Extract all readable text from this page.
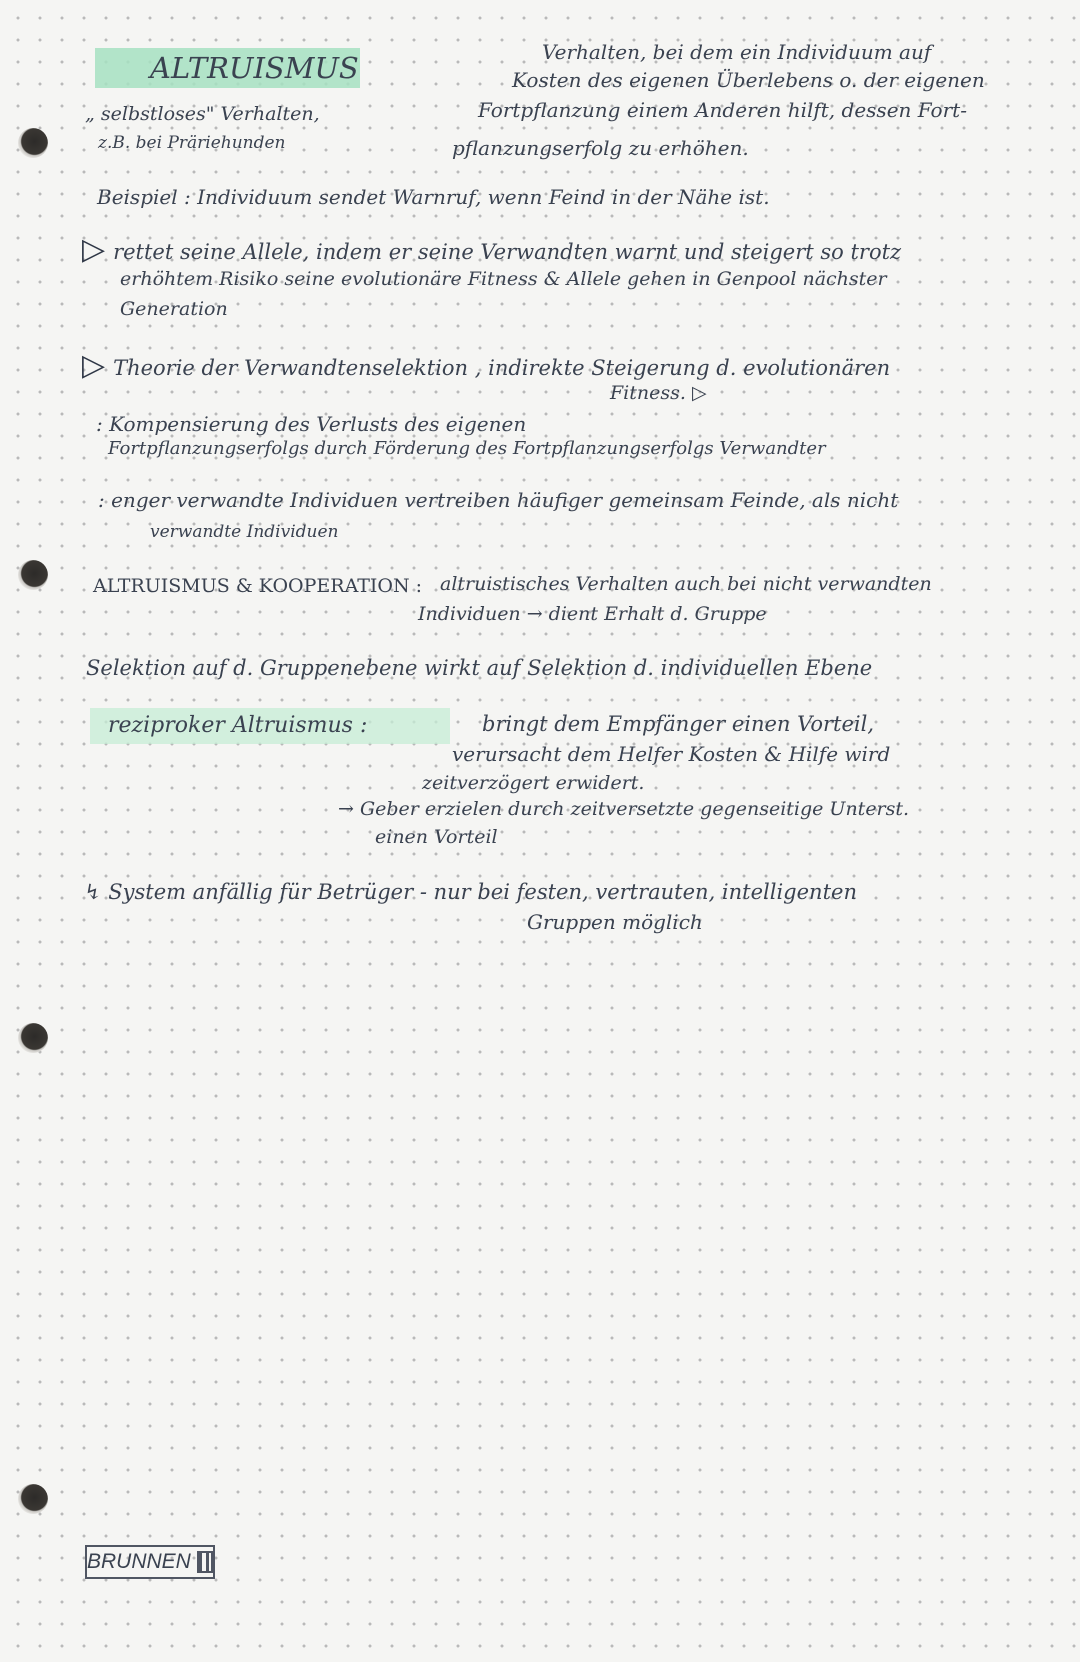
ALTRUISMUS
„ selbstloses" Verhalten,
z.B. bei Präriehunden
Verhalten, bei dem ein Individuum auf
Kosten des eigenen Überlebens o. der eigenen
Fortpflanzung einem Anderen hilft, dessen Fort-
pflanzungserfolg zu erhöhen.
Beispiel : Individuum sendet Warnruf, wenn Feind in der Nähe ist.
▷ rettet seine Allele, indem er seine Verwandten warnt und steigert so trotz
erhöhtem Risiko seine evolutionäre Fitness & Allele gehen in Genpool nächster
Generation
▷ Theorie der Verwandtenselektion , indirekte Steigerung d. evolutionären
Fitness. ▷
: Kompensierung des Verlusts des eigenen
Fortpflanzungserfolgs durch Förderung des Fortpflanzungserfolgs Verwandter
: enger verwandte Individuen vertreiben häufiger gemeinsam Feinde, als nicht
verwandte Individuen
ALTRUISMUS & KOOPERATION : altruistisches Verhalten auch bei nicht verwandten
Individuen → dient Erhalt d. Gruppe
Selektion auf d. Gruppenebene wirkt auf Selektion d. individuellen Ebene
reziproker Altruismus :	bringt dem Empfänger einen Vorteil,
verursacht dem Helfer Kosten & Hilfe wird
zeitverzögert erwidert.
→ Geber erzielen durch zeitversetzte gegenseitige Unterst.
einen Vorteil
↯ System anfällig für Betrüger - nur bei festen, vertrauten, intelligenten
Gruppen möglich
BRUNNEN
